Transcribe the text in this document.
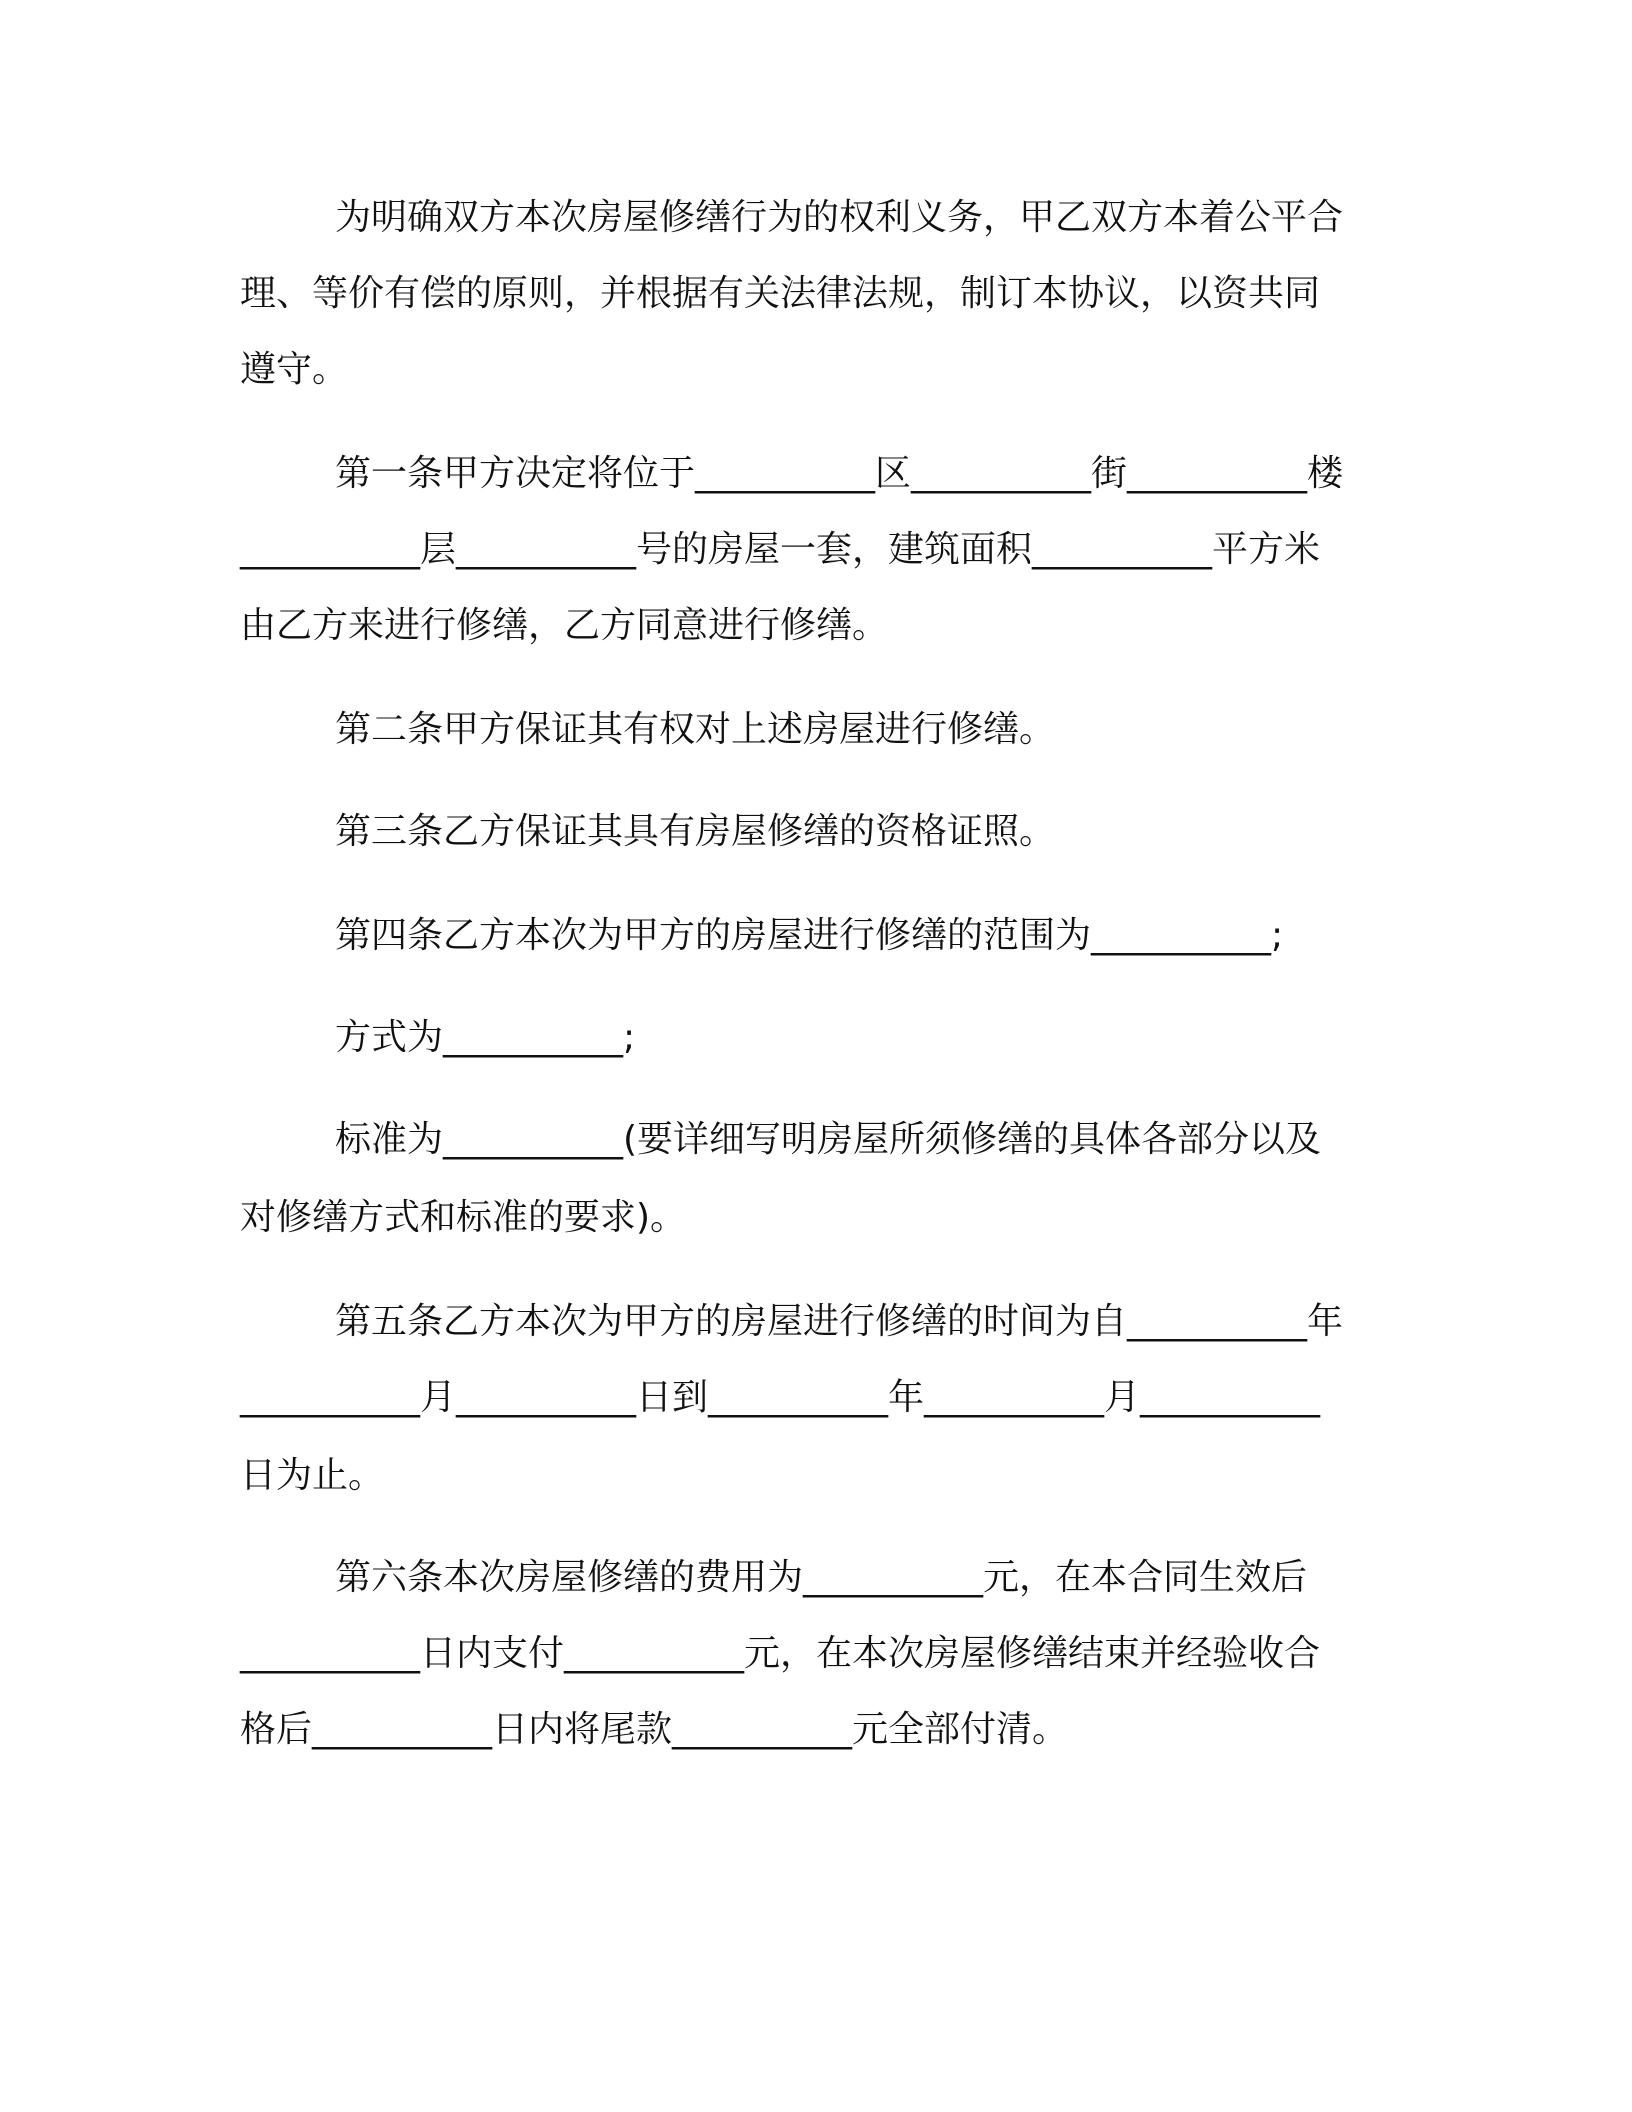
为明确双方本次房屋修缮行为的权利义务，甲乙双方本着公平合

理、等价有偿的原则，并根据有关法律法规，制订本协议，以资共同

遵守。

第一条甲方决定将位于__________区__________街__________楼

__________层__________号的房屋一套，建筑面积__________平方米

由乙方来进行修缮，乙方同意进行修缮。

第二条甲方保证其有权对上述房屋进行修缮。

第三条乙方保证其具有房屋修缮的资格证照。

第四条乙方本次为甲方的房屋进行修缮的范围为__________;

方式为__________;

标准为__________(要详细写明房屋所须修缮的具体各部分以及

对修缮方式和标准的要求)。

第五条乙方本次为甲方的房屋进行修缮的时间为自__________年

__________月__________日到__________年__________月__________

日为止。

第六条本次房屋修缮的费用为__________元，在本合同生效后

__________日内支付__________元，在本次房屋修缮结束并经验收合

格后__________日内将尾款__________元全部付清。
